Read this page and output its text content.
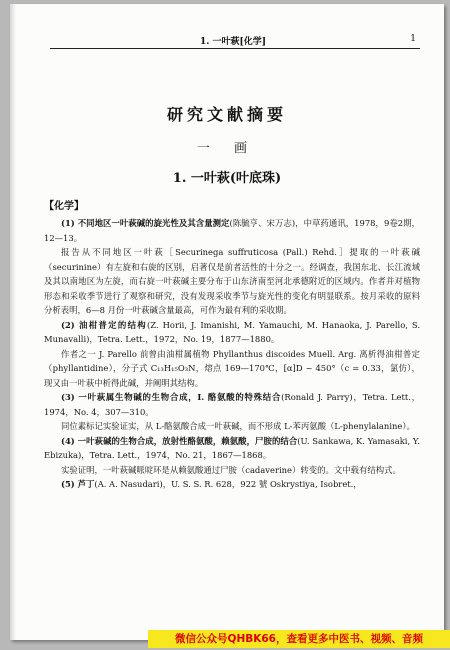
1. 一叶萩[化学]	1
研究文献摘要
一 画
1. 一叶萩(叶底珠)
【化学】

(1) 不同地区一叶萩碱的旋光性及其含量测定(陈毓亨、宋万志)，中草药通讯，1978，9卷2期，12—13。

报告从不同地区一叶萩［Securinega suffruticosa (Pall.) Rehd.］提取的一叶萩碱（securinine）有左旋和右旋的区别，启著仅是前者活性的十分之一。经调查，我国东北、长江流域及其以南地区为左旋，而右旋一叶萩碱主要分布于山东济南至河北承德附近的区域内。作者并对植物形态和采收季节进行了观察和研究，没有发现采收季节与旋光性的变化有明显联系。按月采收的原料分析表明，6—8 月份一叶萩碱含量最高，可作为最有利的采收期。

(2) 油柑普定的结构(Z. Horii, J. Imanishi, M. Yamauchi, M. Hanaoka, J. Parello, S. Munavalli)，Tetra. Lett.，1972，No. 19，1877—1880。

作者之一 J. Parello 前曾由油柑属植物 Phyllanthus discoides Muell. Arg. 离析得油柑普定（phyllantidine），分子式 C₁₃H₁₅O₃N，熔点 169—170℃，[α]D ~ 450°（c = 0.33，氯仿），现又由一叶萩中析得此碱，并阐明其结构。

(3) 一叶萩属生物碱的生物合成，I. 酪氨酸的特殊结合(Ronald J. Parry)，Tetra. Lett.，1974，No. 4，307—310。

同位素标记实验证实，从 L-酪氨酸合成一叶萩碱，而不形成 L-苯丙氨酸（L-phenylalanine）。

(4) 一叶萩碱的生物合成，放射性酪氨酸，赖氨酸，尸胺的结合(U. Sankawa, K. Yamasaki, Y. Ebizuka)，Tetra. Lett.，1974，No. 21，1867—1868。

实验证明，一叶萩碱哌啶环是从赖氨酸通过尸胺（cadaverine）转变的。文中载有结构式。

(5) 芦丁(A. A. Nasudari)，U. S. S. R. 628，922 號 Oskrystiya, Isobret.，

微信公众号QHBK66，查看更多中医书、视频、音频
